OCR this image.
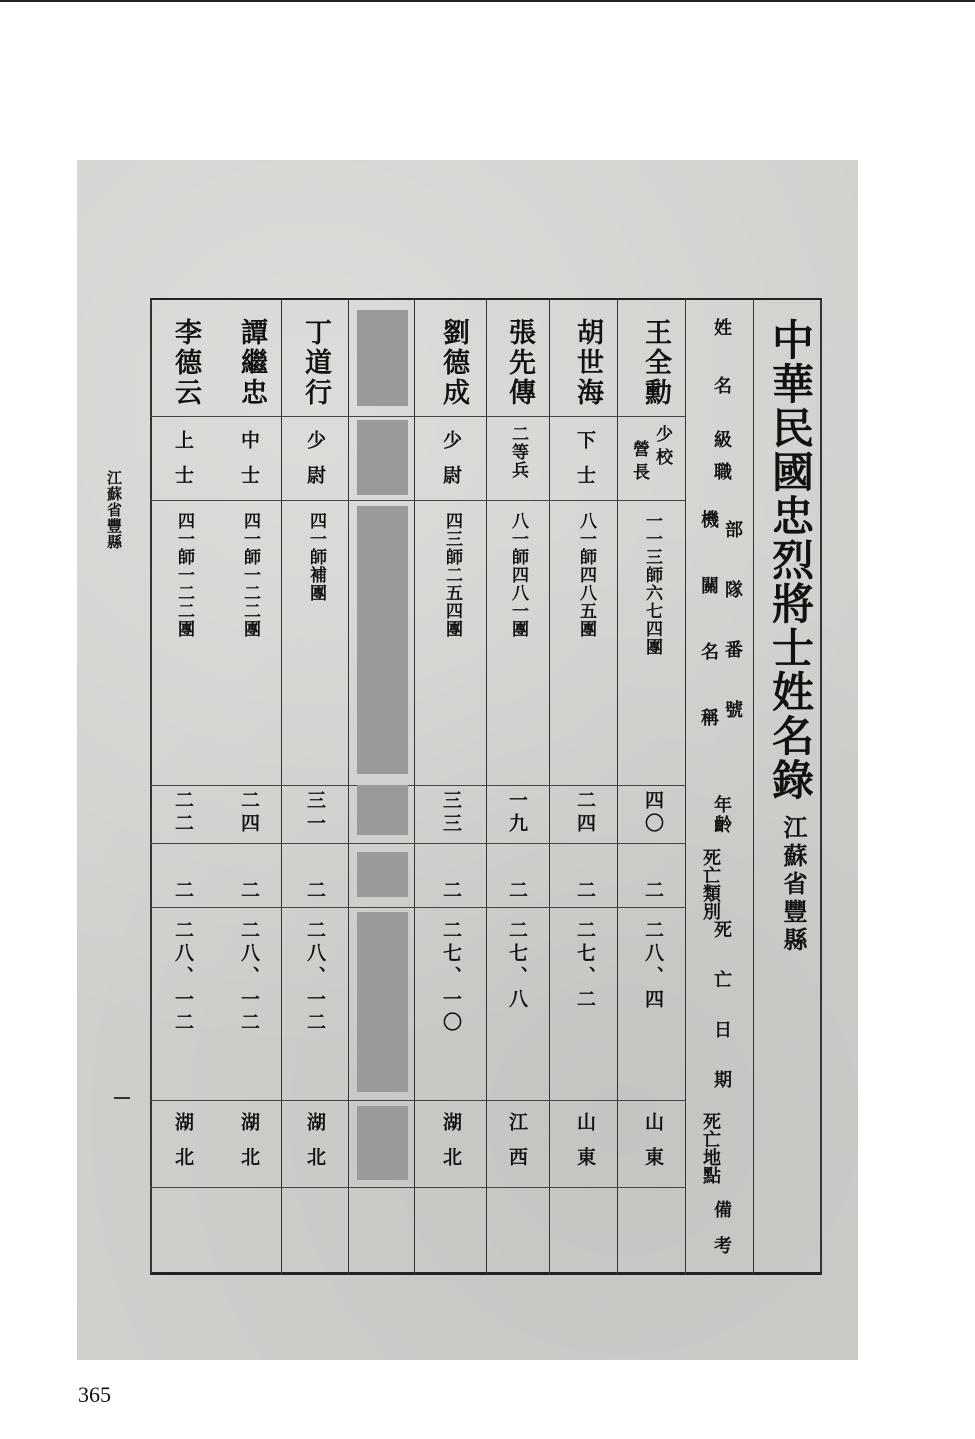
中華民國忠烈將士姓名錄
江蘇省豐縣
姓名
級職
部隊番號
機關名稱
年齡
死亡類別
死亡日期
死亡地點
備考
王全勳
少校
營長
一一三師六七四團
四〇
二
二八、四
山東
胡世海
下士
八一師四八五團
二四
二
二七、二
山東
張先傳
二等兵
八一師四八一團
一九
二
二七、八
江西
劉德成
少尉
四三師二五四團
三三
二
二七、一〇
湖北
丁道行
少尉
四一師補團
三一
二
二八、一二
湖北
譚繼忠
中士
四一師一二二團
二四
二
二八、一二
湖北
李德云
上士
四一師一二二團
二二
二
二八、一二
湖北
江蘇省豐縣
365
